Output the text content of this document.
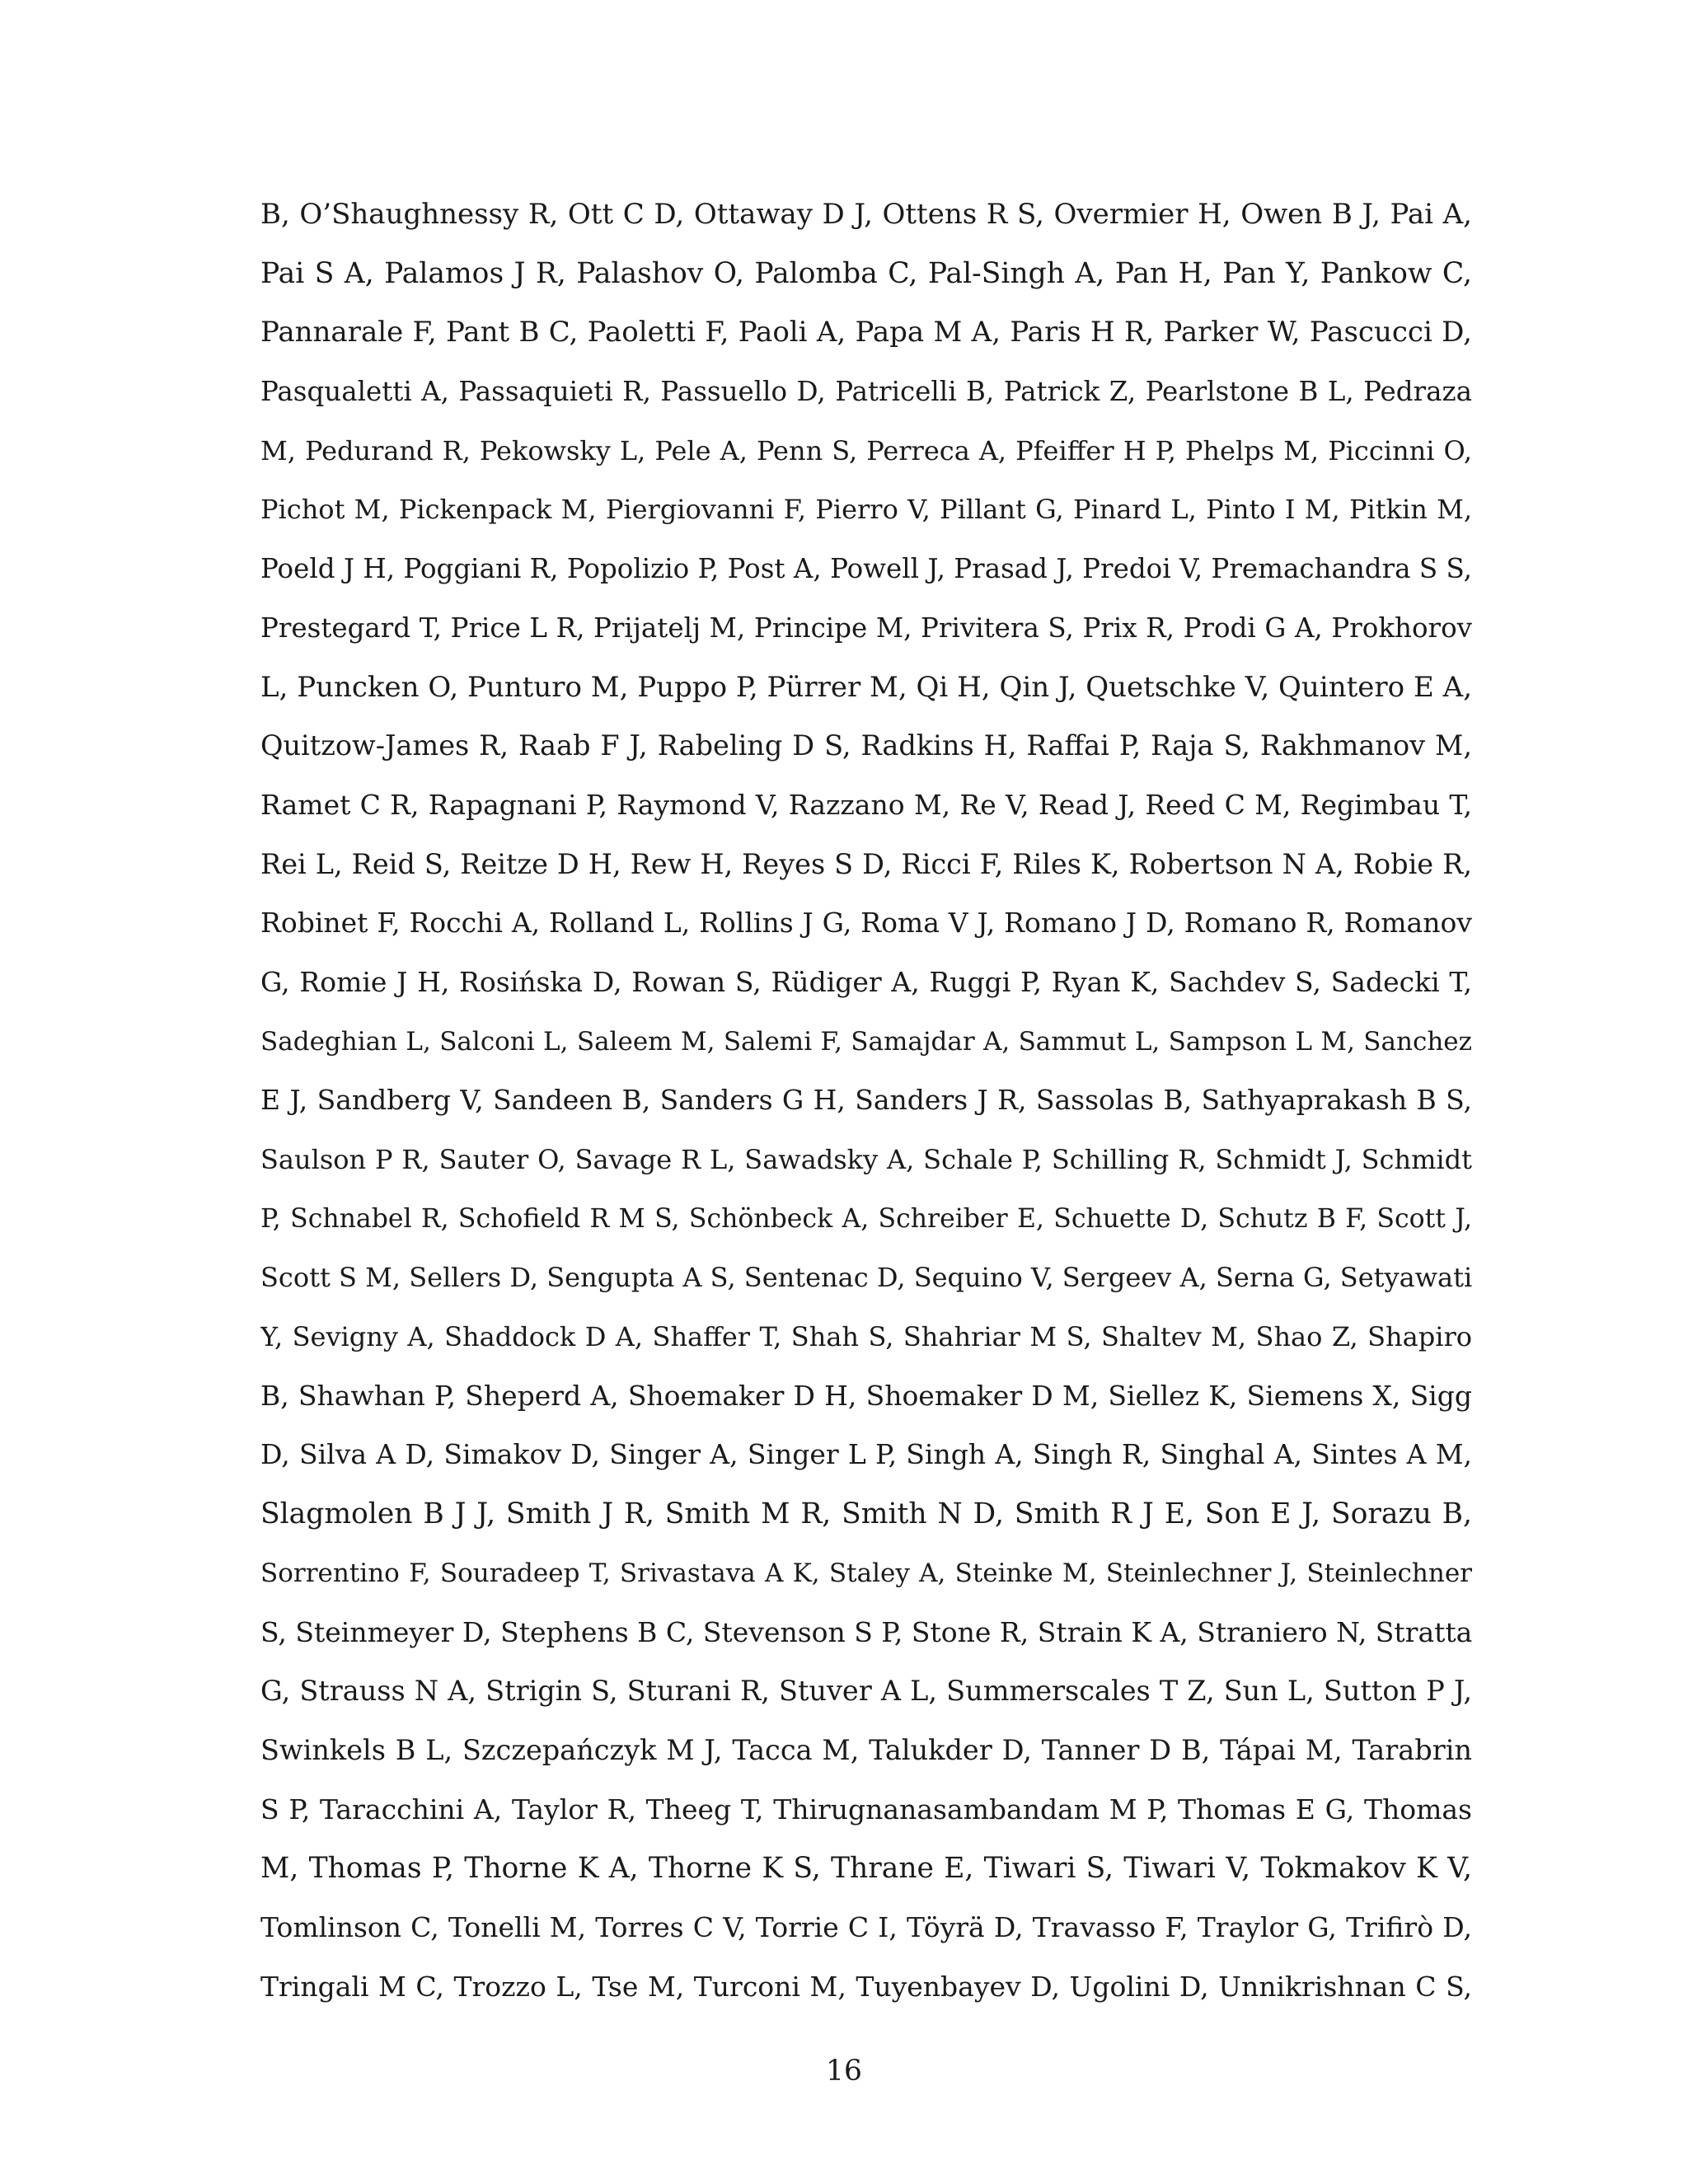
B, O’Shaughnessy R, Ott C D, Ottaway D J, Ottens R S, Overmier H, Owen B J, Pai A,
Pai S A, Palamos J R, Palashov O, Palomba C, Pal-Singh A, Pan H, Pan Y, Pankow C,
Pannarale F, Pant B C, Paoletti F, Paoli A, Papa M A, Paris H R, Parker W, Pascucci D,
Pasqualetti A, Passaquieti R, Passuello D, Patricelli B, Patrick Z, Pearlstone B L, Pedraza
M, Pedurand R, Pekowsky L, Pele A, Penn S, Perreca A, Pfeiffer H P, Phelps M, Piccinni O,
Pichot M, Pickenpack M, Piergiovanni F, Pierro V, Pillant G, Pinard L, Pinto I M, Pitkin M,
Poeld J H, Poggiani R, Popolizio P, Post A, Powell J, Prasad J, Predoi V, Premachandra S S,
Prestegard T, Price L R, Prijatelj M, Principe M, Privitera S, Prix R, Prodi G A, Prokhorov
L, Puncken O, Punturo M, Puppo P, Pürrer M, Qi H, Qin J, Quetschke V, Quintero E A,
Quitzow-James R, Raab F J, Rabeling D S, Radkins H, Raffai P, Raja S, Rakhmanov M,
Ramet C R, Rapagnani P, Raymond V, Razzano M, Re V, Read J, Reed C M, Regimbau T,
Rei L, Reid S, Reitze D H, Rew H, Reyes S D, Ricci F, Riles K, Robertson N A, Robie R,
Robinet F, Rocchi A, Rolland L, Rollins J G, Roma V J, Romano J D, Romano R, Romanov
G, Romie J H, Rosińska D, Rowan S, Rüdiger A, Ruggi P, Ryan K, Sachdev S, Sadecki T,
Sadeghian L, Salconi L, Saleem M, Salemi F, Samajdar A, Sammut L, Sampson L M, Sanchez
E J, Sandberg V, Sandeen B, Sanders G H, Sanders J R, Sassolas B, Sathyaprakash B S,
Saulson P R, Sauter O, Savage R L, Sawadsky A, Schale P, Schilling R, Schmidt J, Schmidt
P, Schnabel R, Schofield R M S, Schönbeck A, Schreiber E, Schuette D, Schutz B F, Scott J,
Scott S M, Sellers D, Sengupta A S, Sentenac D, Sequino V, Sergeev A, Serna G, Setyawati
Y, Sevigny A, Shaddock D A, Shaffer T, Shah S, Shahriar M S, Shaltev M, Shao Z, Shapiro
B, Shawhan P, Sheperd A, Shoemaker D H, Shoemaker D M, Siellez K, Siemens X, Sigg
D, Silva A D, Simakov D, Singer A, Singer L P, Singh A, Singh R, Singhal A, Sintes A M,
Slagmolen B J J, Smith J R, Smith M R, Smith N D, Smith R J E, Son E J, Sorazu B,
Sorrentino F, Souradeep T, Srivastava A K, Staley A, Steinke M, Steinlechner J, Steinlechner
S, Steinmeyer D, Stephens B C, Stevenson S P, Stone R, Strain K A, Straniero N, Stratta
G, Strauss N A, Strigin S, Sturani R, Stuver A L, Summerscales T Z, Sun L, Sutton P J,
Swinkels B L, Szczepańczyk M J, Tacca M, Talukder D, Tanner D B, Tápai M, Tarabrin
S P, Taracchini A, Taylor R, Theeg T, Thirugnanasambandam M P, Thomas E G, Thomas
M, Thomas P, Thorne K A, Thorne K S, Thrane E, Tiwari S, Tiwari V, Tokmakov K V,
Tomlinson C, Tonelli M, Torres C V, Torrie C I, Töyrä D, Travasso F, Traylor G, Trifirò D,
Tringali M C, Trozzo L, Tse M, Turconi M, Tuyenbayev D, Ugolini D, Unnikrishnan C S,
16
